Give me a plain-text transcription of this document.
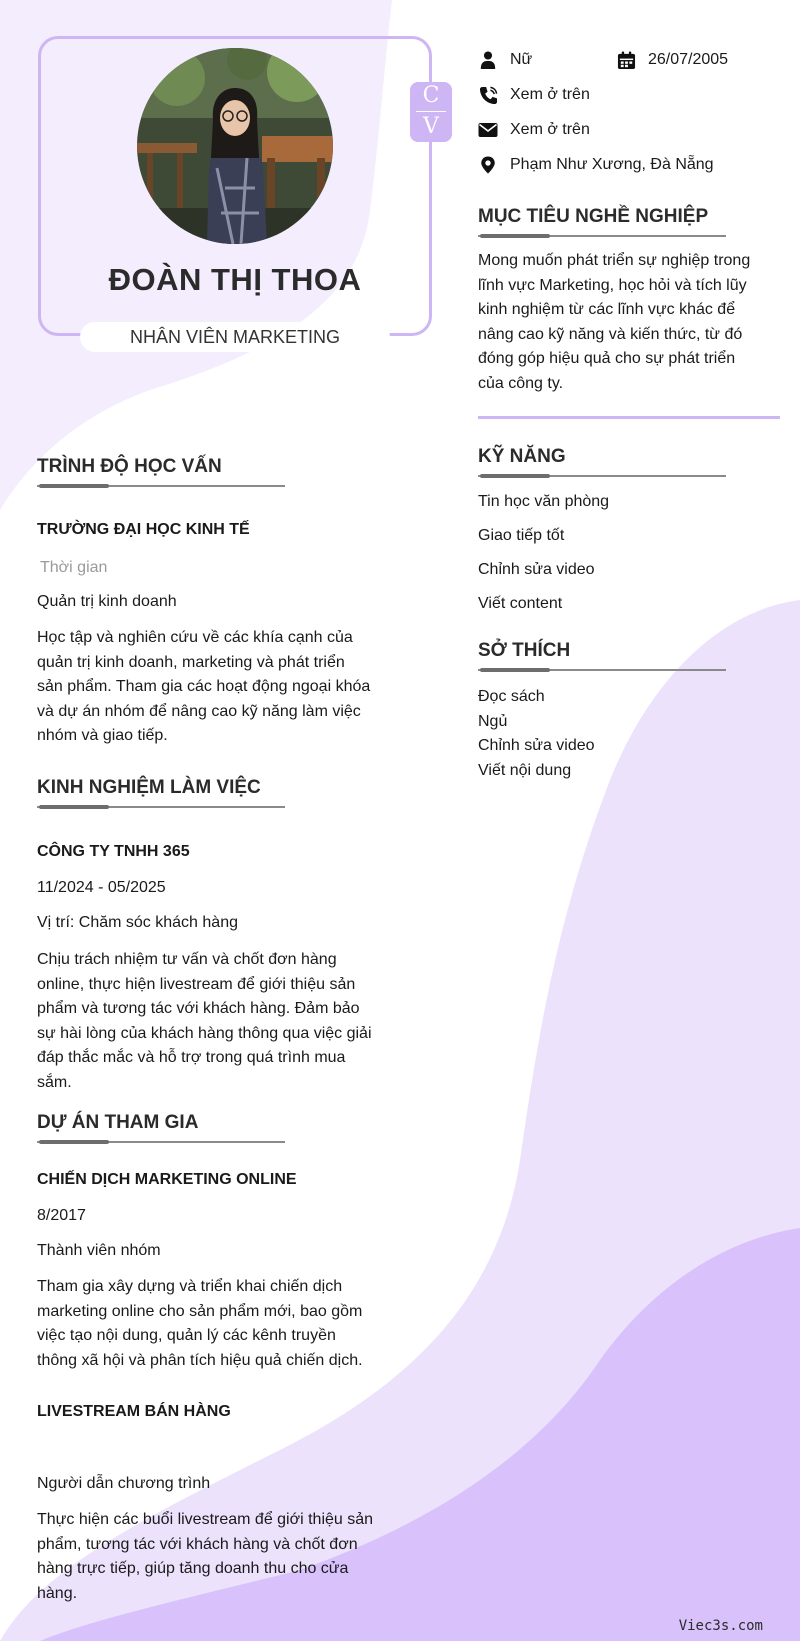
C
V
ĐOÀN THỊ THOA
NHÂN VIÊN MARKETING
Nữ	26/07/2005
Xem ở trên
Xem ở trên
Phạm Như Xương, Đà Nẵng
MỤC TIÊU NGHỀ NGHIỆP
Mong muốn phát triển sự nghiệp trong
lĩnh vực Marketing, học hỏi và tích lũy
kinh nghiệm từ các lĩnh vực khác để
nâng cao kỹ năng và kiến thức, từ đó
đóng góp hiệu quả cho sự phát triển
của công ty.
KỸ NĂNG
Tin học văn phòng
Giao tiếp tốt
Chỉnh sửa video
Viết content
SỞ THÍCH
Đọc sách
Ngủ
Chỉnh sửa video
Viết nội dung
TRÌNH ĐỘ HỌC VẤN
TRƯỜNG ĐẠI HỌC KINH TẾ
Thời gian
Quản trị kinh doanh
Học tập và nghiên cứu về các khía cạnh của
quản trị kinh doanh, marketing và phát triển
sản phẩm. Tham gia các hoạt động ngoại khóa
và dự án nhóm để nâng cao kỹ năng làm việc
nhóm và giao tiếp.
KINH NGHIỆM LÀM VIỆC
CÔNG TY TNHH 365
11/2024 - 05/2025
Vị trí: Chăm sóc khách hàng
Chịu trách nhiệm tư vấn và chốt đơn hàng
online, thực hiện livestream để giới thiệu sản
phẩm và tương tác với khách hàng. Đảm bảo
sự hài lòng của khách hàng thông qua việc giải
đáp thắc mắc và hỗ trợ trong quá trình mua
sắm.
DỰ ÁN THAM GIA
CHIẾN DỊCH MARKETING ONLINE
8/2017
Thành viên nhóm
Tham gia xây dựng và triển khai chiến dịch
marketing online cho sản phẩm mới, bao gồm
việc tạo nội dung, quản lý các kênh truyền
thông xã hội và phân tích hiệu quả chiến dịch.
LIVESTREAM BÁN HÀNG
Người dẫn chương trình
Thực hiện các buổi livestream để giới thiệu sản
phẩm, tương tác với khách hàng và chốt đơn
hàng trực tiếp, giúp tăng doanh thu cho cửa
hàng.
Viec3s.com
